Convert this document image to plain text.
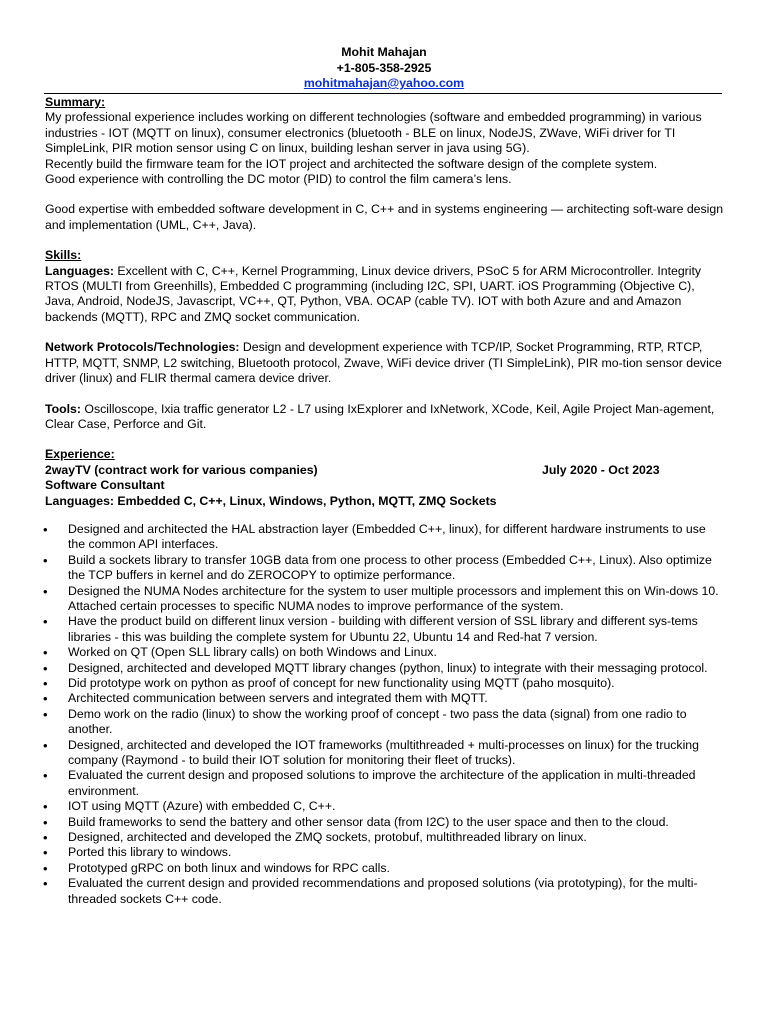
Mohit Mahajan
+1-805-358-2925
mohitmahajan@yahoo.com
Summary:

My professional experience includes working on different technologies (software and embedded programming) in various industries - IOT (MQTT on linux), consumer electronics (bluetooth - BLE on linux, NodeJS, ZWave, WiFi driver for TI SimpleLink, PIR motion sensor using C on linux, building leshan server in java using 5G).

Recently build the firmware team for the IOT project and architected the software design of the complete system.

Good experience with controlling the DC motor (PID) to control the film camera’s lens.

Good expertise with embedded software development in C, C++ and in systems engineering — architecting soft-ware design and implementation (UML, C++, Java).

Skills:

Languages: Excellent with C, C++, Kernel Programming, Linux device drivers, PSoC 5 for ARM Microcontroller. Integrity RTOS (MULTI from Greenhills), Embedded C programming (including I2C, SPI, UART. iOS Programming (Objective C), Java, Android, NodeJS, Javascript, VC++, QT, Python, VBA. OCAP (cable TV). IOT with both Azure and and Amazon backends (MQTT), RPC and ZMQ socket communication.

Network Protocols/Technologies: Design and development experience with TCP/IP, Socket Programming, RTP, RTCP, HTTP, MQTT, SNMP, L2 switching, Bluetooth protocol, Zwave, WiFi device driver (TI SimpleLink), PIR mo-tion sensor device driver (linux) and FLIR thermal camera device driver.

Tools: Oscilloscope, Ixia traffic generator L2 - L7 using IxExplorer and IxNetwork, XCode, Keil, Agile Project Man-agement, Clear Case, Perforce and Git.

Experience:
2wayTV (contract work for various companies)	July 2020 - Oct 2023
Software Consultant
Languages: Embedded C, C++, Linux, Windows, Python, MQTT, ZMQ Sockets
• Designed and architected the HAL abstraction layer (Embedded C++, linux), for different hardware instruments to use the common API interfaces.
• Build a sockets library to transfer 10GB data from one process to other process (Embedded C++, Linux). Also optimize the TCP buffers in kernel and do ZEROCOPY to optimize performance.
• Designed the NUMA Nodes architecture for the system to user multiple processors and implement this on Win-dows 10. Attached certain processes to specific NUMA nodes to improve performance of the system.
• Have the product build on different linux version - building with different version of SSL library and different sys-tems libraries - this was building the complete system for Ubuntu 22, Ubuntu 14 and Red-hat 7 version.
• Worked on QT (Open SLL library calls) on both Windows and Linux.
• Designed, architected and developed MQTT library changes (python, linux) to integrate with their messaging protocol.
• Did prototype work on python as proof of concept for new functionality using MQTT (paho mosquito).
• Architected communication between servers and integrated them with MQTT.
• Demo work on the radio (linux) to show the working proof of concept - two pass the data (signal) from one radio to another.
• Designed, architected and developed the IOT frameworks (multithreaded + multi-processes on linux) for the trucking company (Raymond - to build their IOT solution for monitoring their fleet of trucks).
• Evaluated the current design and proposed solutions to improve the architecture of the application in multi-threaded environment.
• IOT using MQTT (Azure) with embedded C, C++.
• Build frameworks to send the battery and other sensor data (from I2C) to the user space and then to the cloud.
• Designed, architected and developed the ZMQ sockets, protobuf, multithreaded library on linux.
• Ported this library to windows.
• Prototyped gRPC on both linux and windows for RPC calls.
• Evaluated the current design and provided recommendations and proposed solutions (via prototyping), for the multi-threaded sockets C++ code.
